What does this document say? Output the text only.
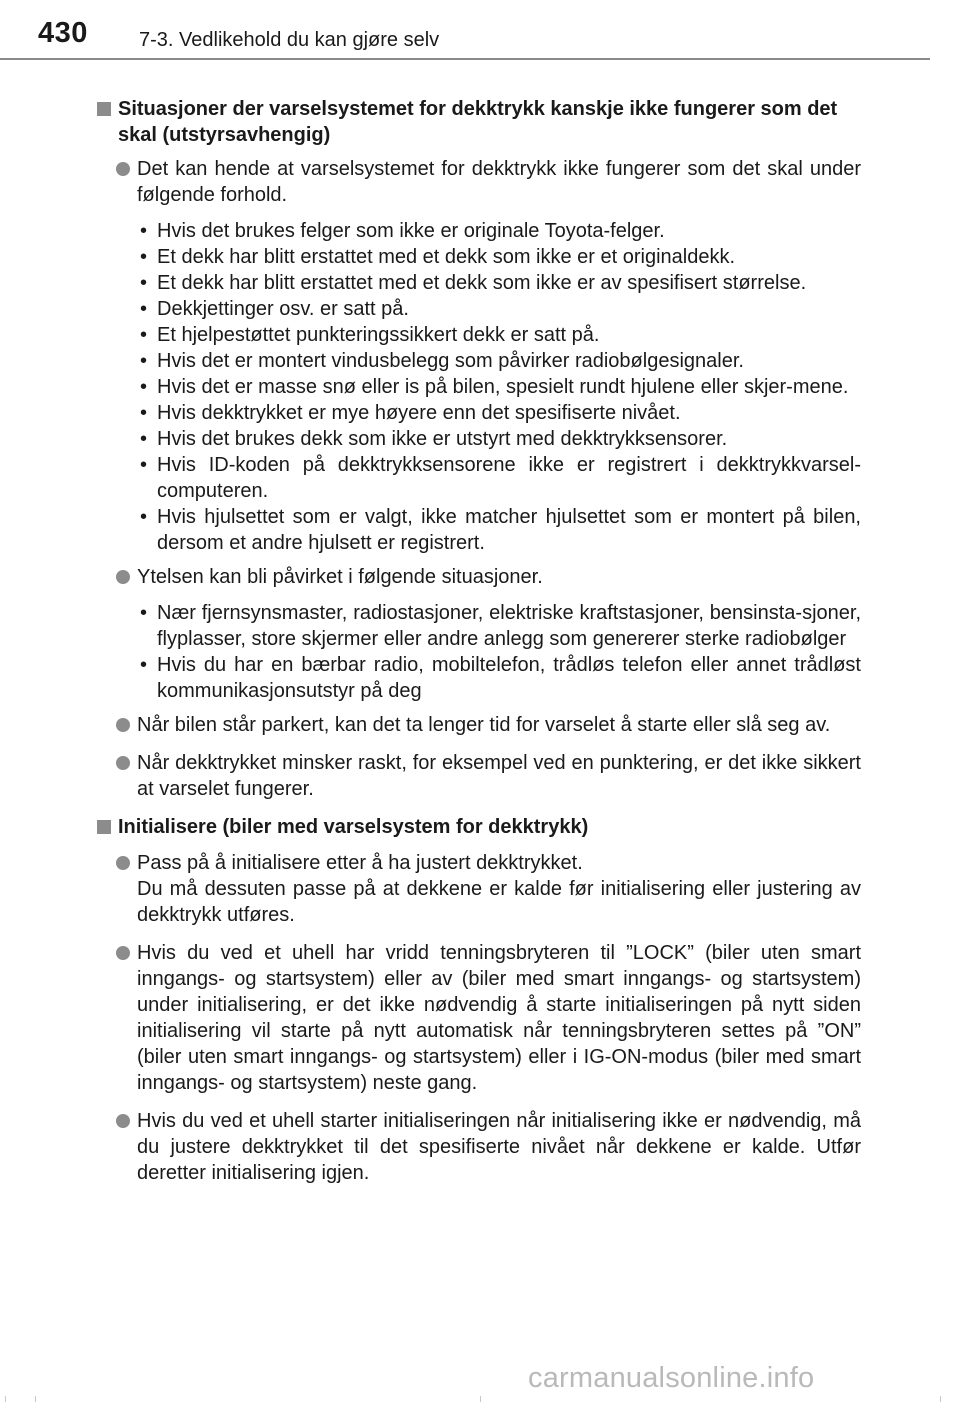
430	7-3. Vedlikehold du kan gjøre selv
Situasjoner der varselsystemet for dekktrykk kanskje ikke fungerer som det skal (utstyrsavhengig)
Det kan hende at varselsystemet for dekktrykk ikke fungerer som det skal under følgende forhold.
• Hvis det brukes felger som ikke er originale Toyota-felger.
• Et dekk har blitt erstattet med et dekk som ikke er et originaldekk.
• Et dekk har blitt erstattet med et dekk som ikke er av spesifisert størrelse.
• Dekkjettinger osv. er satt på.
• Et hjelpestøttet punkteringssikkert dekk er satt på.
• Hvis det er montert vindusbelegg som påvirker radiobølgesignaler.
• Hvis det er masse snø eller is på bilen, spesielt rundt hjulene eller skjer-mene.
• Hvis dekktrykket er mye høyere enn det spesifiserte nivået.
• Hvis det brukes dekk som ikke er utstyrt med dekktrykksensorer.
• Hvis ID-koden på dekktrykksensorene ikke er registrert i dekktrykkvarsel-computeren.
• Hvis hjulsettet som er valgt, ikke matcher hjulsettet som er montert på bilen, dersom et andre hjulsett er registrert.
Ytelsen kan bli påvirket i følgende situasjoner.
• Nær fjernsynsmaster, radiostasjoner, elektriske kraftstasjoner, bensinsta-sjoner, flyplasser, store skjermer eller andre anlegg som genererer sterke radiobølger
• Hvis du har en bærbar radio, mobiltelefon, trådløs telefon eller annet trådløst kommunikasjonsutstyr på deg
Når bilen står parkert, kan det ta lenger tid for varselet å starte eller slå seg av.
Når dekktrykket minsker raskt, for eksempel ved en punktering, er det ikke sikkert at varselet fungerer.
Initialisere (biler med varselsystem for dekktrykk)
Pass på å initialisere etter å ha justert dekktrykket.
Du må dessuten passe på at dekkene er kalde før initialisering eller justering av dekktrykk utføres.
Hvis du ved et uhell har vridd tenningsbryteren til ”LOCK” (biler uten smart inngangs- og startsystem) eller av (biler med smart inngangs- og startsystem) under initialisering, er det ikke nødvendig å starte initialiseringen på nytt siden initialisering vil starte på nytt automatisk når tenningsbryteren settes på ”ON” (biler uten smart inngangs- og startsystem) eller i IG-ON-modus (biler med smart inngangs- og startsystem) neste gang.
Hvis du ved et uhell starter initialiseringen når initialisering ikke er nødvendig, må du justere dekktrykket til det spesifiserte nivået når dekkene er kalde. Utfør deretter initialisering igjen.
carmanualsonline.info
